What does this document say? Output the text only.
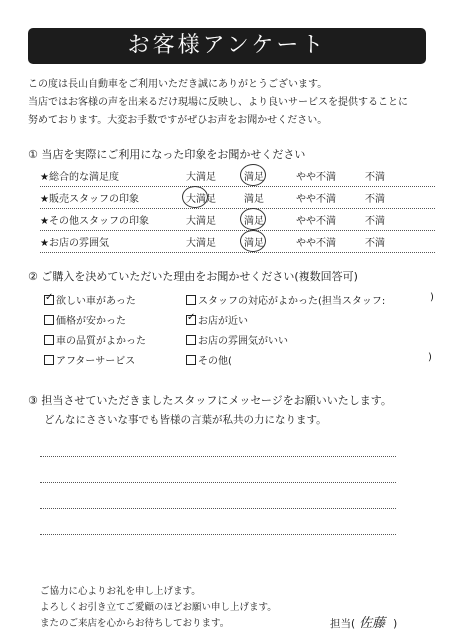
お客様アンケート
この度は長山自動車をご利用いただき誠にありがとうございます。
当店ではお客様の声を出来るだけ現場に反映し、より良いサービスを提供することに
努めております。大変お手数ですがぜひお声をお聞かせください。
① 当店を実際にご利用になった印象をお聞かせください
★総合的な満足度	大満足	満足	やや不満	不満
★販売スタッフの印象	大満足	満足	やや不満	不満
★その他スタッフの印象	大満足	満足	やや不満	不満
★お店の雰囲気	大満足	満足	やや不満	不満
② ご購入を決めていただいた理由をお聞かせください(複数回答可)
✓欲しい車があった	スタッフの対応がよかった(担当スタッフ:	)
価格が安かった
✓	お店が近い
車の品質がよかった	お店の雰囲気がいい
アフターサービス	その他(	)
③ 担当させていただきましたスタッフにメッセージをお願いいたします。
どんなにささいな事でも皆様の言葉が私共の力になります。
ご協力に心よりお礼を申し上げます。
よろしくお引き立てご愛顧のほどお願い申し上げます。
またのご来店を心からお待ちしております。	担当( 佐藤 )
